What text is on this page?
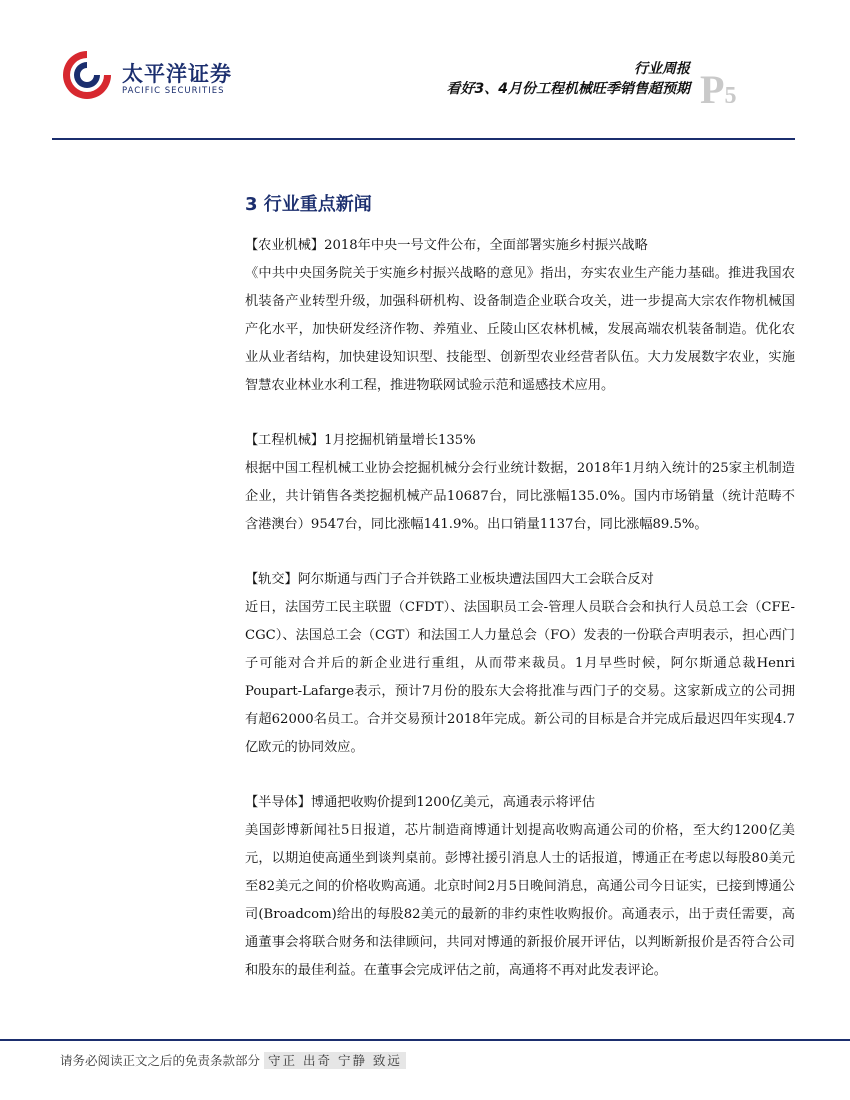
太平洋证券
PACIFIC SECURITIES
行业周报
看好3、4月份工程机械旺季销售超预期 P5
3 行业重点新闻

【农业机械】2018年中央一号文件公布，全面部署实施乡村振兴战略

《中共中央国务院关于实施乡村振兴战略的意见》指出，夯实农业生产能力基础。推进我国农机装备产业转型升级，加强科研机构、设备制造企业联合攻关，进一步提高大宗农作物机械国产化水平，加快研发经济作物、养殖业、丘陵山区农林机械，发展高端农机装备制造。优化农业从业者结构，加快建设知识型、技能型、创新型农业经营者队伍。大力发展数字农业，实施智慧农业林业水利工程，推进物联网试验示范和遥感技术应用。

【工程机械】1月挖掘机销量增长135%

根据中国工程机械工业协会挖掘机械分会行业统计数据，2018年1月纳入统计的25家主机制造企业，共计销售各类挖掘机械产品10687台，同比涨幅135.0%。国内市场销量（统计范畴不含港澳台）9547台，同比涨幅141.9%。出口销量1137台，同比涨幅89.5%。

【轨交】阿尔斯通与西门子合并铁路工业板块遭法国四大工会联合反对

近日，法国劳工民主联盟（CFDT）、法国职员工会-管理人员联合会和执行人员总工会（CFE-CGC）、法国总工会（CGT）和法国工人力量总会（FO）发表的一份联合声明表示，担心西门子可能对合并后的新企业进行重组，从而带来裁员。1月早些时候，阿尔斯通总裁Henri Poupart-Lafarge表示，预计7月份的股东大会将批准与西门子的交易。这家新成立的公司拥有超62000名员工。合并交易预计2018年完成。新公司的目标是合并完成后最迟四年实现4.7亿欧元的协同效应。

【半导体】博通把收购价提到1200亿美元，高通表示将评估

美国彭博新闻社5日报道，芯片制造商博通计划提高收购高通公司的价格，至大约1200亿美元，以期迫使高通坐到谈判桌前。彭博社援引消息人士的话报道，博通正在考虑以每股80美元至82美元之间的价格收购高通。北京时间2月5日晚间消息，高通公司今日证实，已接到博通公司(Broadcom)给出的每股82美元的最新的非约束性收购报价。高通表示，出于责任需要，高通董事会将联合财务和法律顾问，共同对博通的新报价展开评估，以判断新报价是否符合公司和股东的最佳利益。在董事会完成评估之前，高通将不再对此发表评论。

请务必阅读正文之后的免责条款部分 守正 出奇 宁静 致远
